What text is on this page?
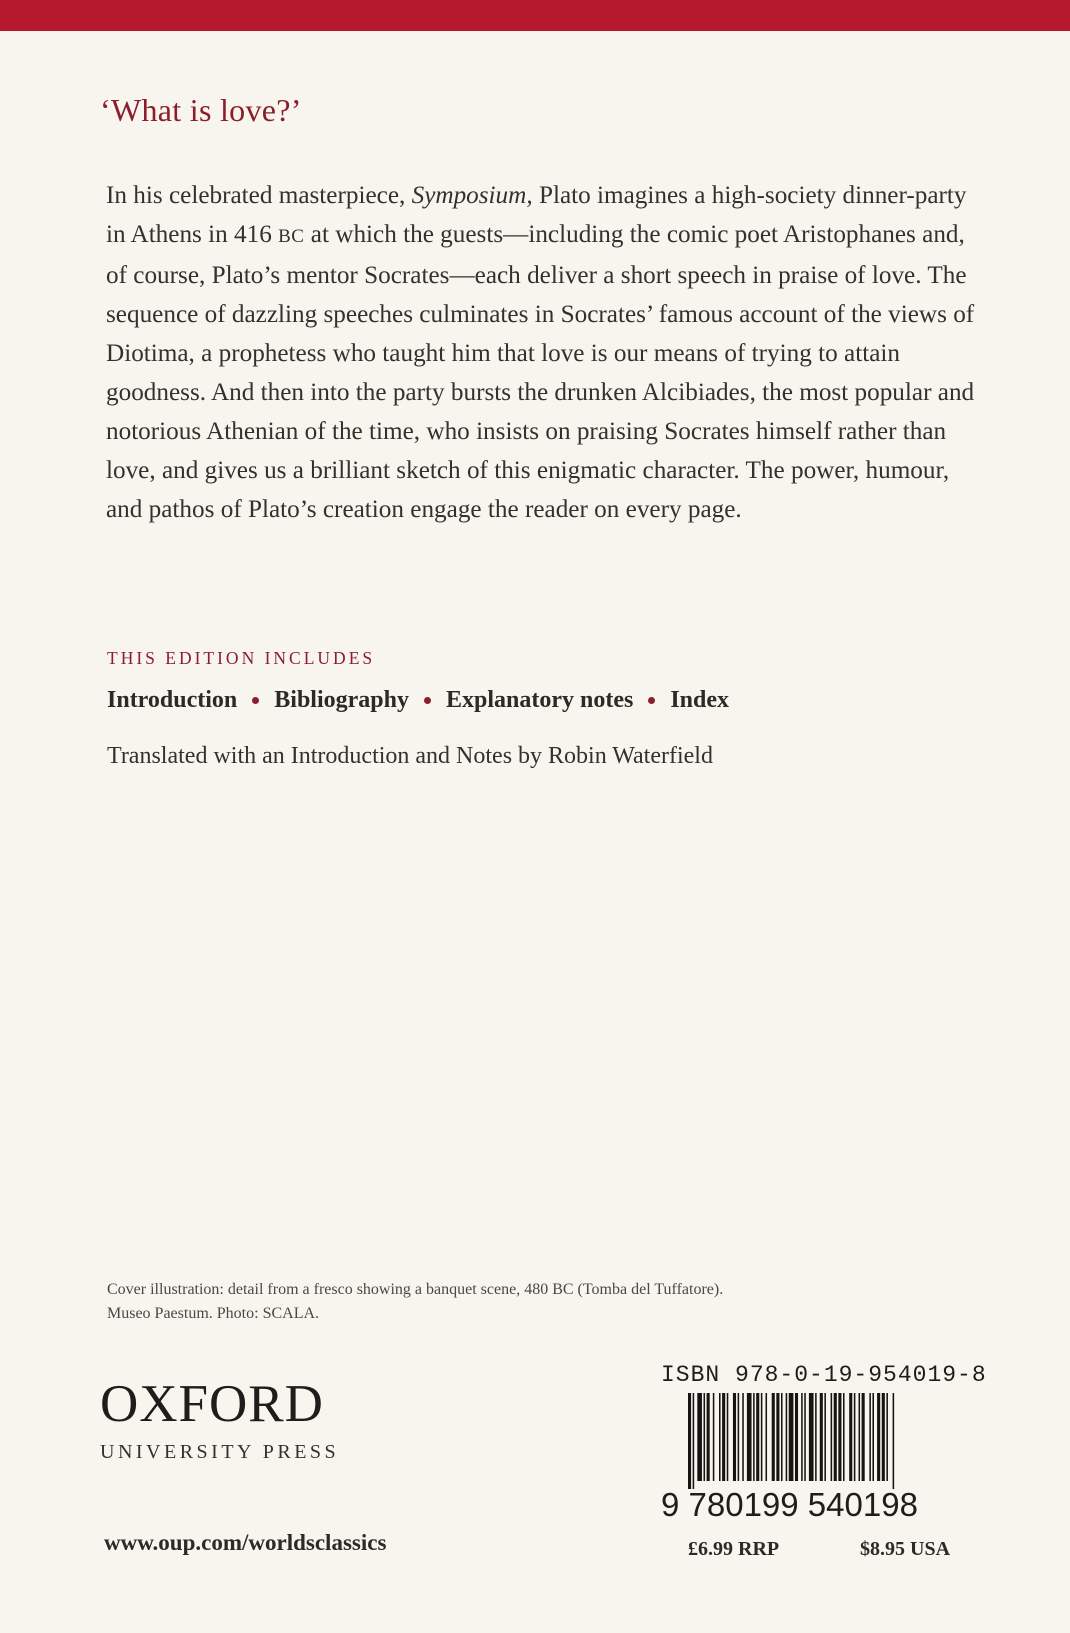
‘What is love?’

In his celebrated masterpiece, Symposium, Plato imagines a high-society dinner-party in Athens in 416 BC at which the guests—including the comic poet Aristophanes and, of course, Plato’s mentor Socrates—each deliver a short speech in praise of love. The sequence of dazzling speeches culminates in Socrates’ famous account of the views of Diotima, a prophetess who taught him that love is our means of trying to attain goodness. And then into the party bursts the drunken Alcibiades, the most popular and notorious Athenian of the time, who insists on praising Socrates himself rather than love, and gives us a brilliant sketch of this enigmatic character. The power, humour, and pathos of Plato’s creation engage the reader on every page.

THIS EDITION INCLUDES
Introduction Bibliography Explanatory notes Index
Translated with an Introduction and Notes by Robin Waterfield
Cover illustration: detail from a fresco showing a banquet scene, 480 BC (Tomba del Tuffatore).
Museo Paestum. Photo: SCALA.
OXFORD
UNIVERSITY PRESS
www.oup.com/worldsclassics
ISBN 978-0-19-954019-8
9 780199 540198
£6.99 RRP	$8.95 USA
